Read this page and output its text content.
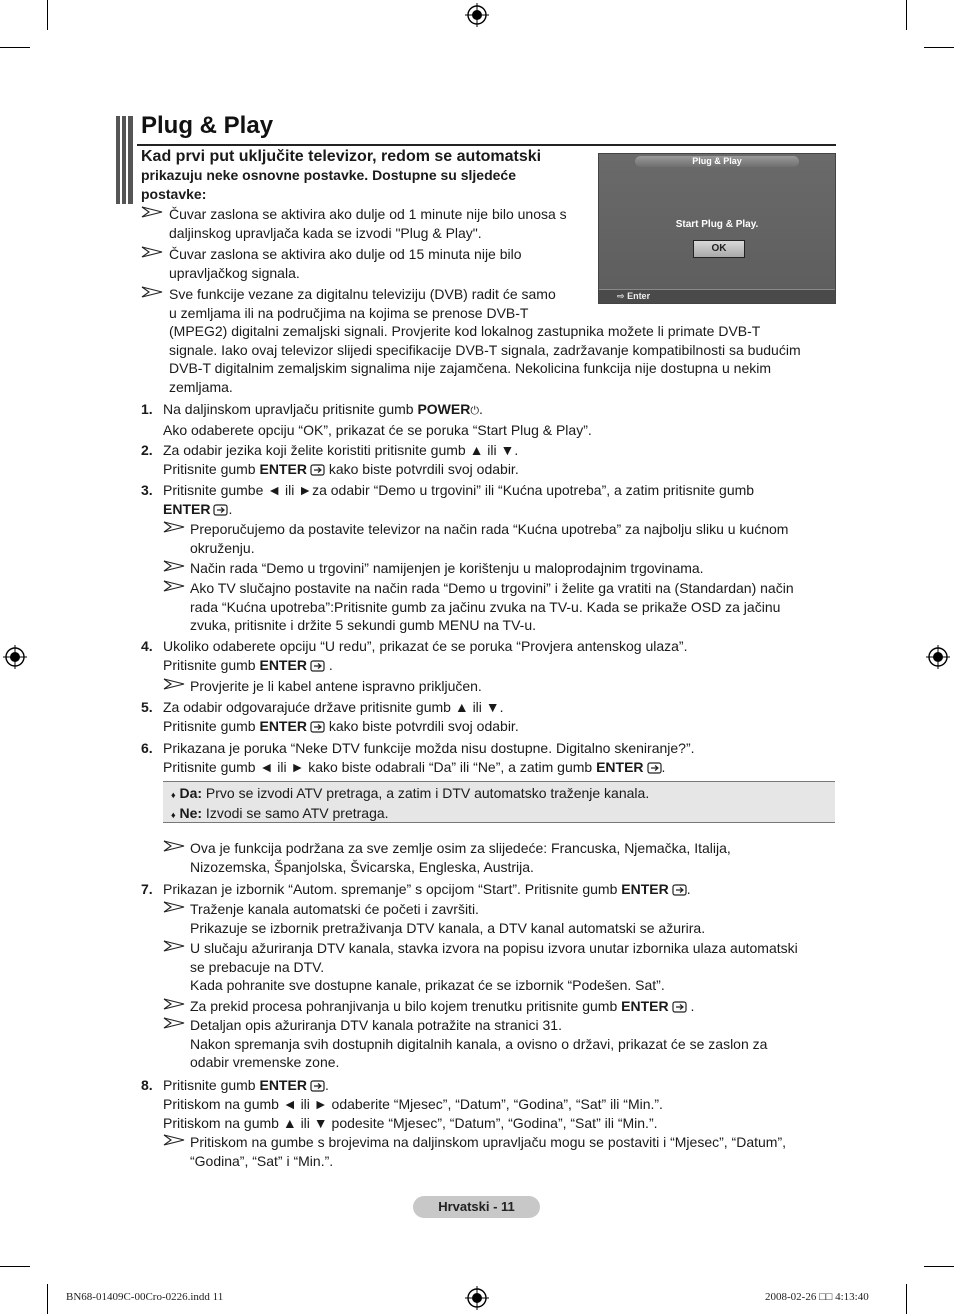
Plug & Play
Kad prvi put uključite televizor, redom se automatski
prikazuju neke osnovne postavke. Dostupne su sljedeće
postavke:
Plug & Play
Start Plug & Play.
OK
⇨ Enter
Čuvar zaslona se aktivira ako dulje od 1 minute nije bilo unosa s
daljinskog upravljača kada se izvodi "Plug & Play".
Čuvar zaslona se aktivira ako dulje od 15 minuta nije bilo
upravljačkog signala.
Sve funkcije vezane za digitalnu televiziju (DVB) radit će samo
u zemljama ili na područjima na kojima se prenose DVB-T
(MPEG2) digitalni zemaljski signali. Provjerite kod lokalnog zastupnika možete li primate DVB-T
signale. Iako ovaj televizor slijedi specifikacije DVB-T signala, zadržavanje kompatibilnosti sa budućim
DVB-T digitalnim zemaljskim signalima nije zajamčena. Nekolicina funkcija nije dostupna u nekim
zemljama.
1. Na daljinskom upravljaču pritisnite gumb POWER⏻.
Ako odaberete opciju “OK”, prikazat će se poruka “Start Plug & Play”.
2. Za odabir jezika koji želite koristiti pritisnite gumb ▲ ili ▼.
Pritisnite gumb ENTER kako biste potvrdili svoj odabir.
3. Pritisnite gumbe ◄ ili ►za odabir “Demo u trgovini” ili “Kućna upotreba”, a zatim pritisnite gumb
ENTER .
Preporučujemo da postavite televizor na način rada “Kućna upotreba” za najbolju sliku u kućnom
okruženju.
Način rada “Demo u trgovini” namijenjen je korištenju u maloprodajnim trgovinama.
Ako TV slučajno postavite na način rada “Demo u trgovini” i želite ga vratiti na (Standardan) način
rada “Kućna upotreba”:Pritisnite gumb za jačinu zvuka na TV-u. Kada se prikaže OSD za jačinu
zvuka, pritisnite i držite 5 sekundi gumb MENU na TV-u.
4. Ukoliko odaberete opciju “U redu”, prikazat će se poruka “Provjera antenskog ulaza”.
Pritisnite gumb ENTER .
Provjerite je li kabel antene ispravno priključen.
5. Za odabir odgovarajuće države pritisnite gumb ▲ ili ▼.
Pritisnite gumb ENTER kako biste potvrdili svoj odabir.
6. Prikazana je poruka “Neke DTV funkcije možda nisu dostupne. Digitalno skeniranje?”.
Pritisnite gumb ◄ ili ► kako biste odabrali “Da” ili “Ne”, a zatim gumb ENTER .
♦ Da: Prvo se izvodi ATV pretraga, a zatim i DTV automatsko traženje kanala.
♦ Ne: Izvodi se samo ATV pretraga.
Ova je funkcija podržana za sve zemlje osim za slijedeće: Francuska, Njemačka, Italija,
Nizozemska, Španjolska, Švicarska, Engleska, Austrija.
7. Prikazan je izbornik “Autom. spremanje” s opcijom “Start”. Pritisnite gumb ENTER .
Traženje kanala automatski će početi i završiti.
Prikazuje se izbornik pretraživanja DTV kanala, a DTV kanal automatski se ažurira.
U slučaju ažuriranja DTV kanala, stavka izvora na popisu izvora unutar izbornika ulaza automatski
se prebacuje na DTV.
Kada pohranite sve dostupne kanale, prikazat će se izbornik “Podešen. Sat”.
Za prekid procesa pohranjivanja u bilo kojem trenutku pritisnite gumb ENTER .
Detaljan opis ažuriranja DTV kanala potražite na stranici 31.
Nakon spremanja svih dostupnih digitalnih kanala, a ovisno o državi, prikazat će se zaslon za
odabir vremenske zone.
8. Pritisnite gumb ENTER .
Pritiskom na gumb ◄ ili ► odaberite “Mjesec”, “Datum”, “Godina”, “Sat” ili “Min.”.
Pritiskom na gumb ▲ ili ▼ podesite “Mjesec”, “Datum”, “Godina”, “Sat” ili “Min.”.
Pritiskom na gumbe s brojevima na daljinskom upravljaču mogu se postaviti i “Mjesec”, “Datum”,
“Godina”, “Sat” i “Min.”.
Hrvatski - 11
BN68-01409C-00Cro-0226.indd 11	2008-02-26 □□ 4:13:40
